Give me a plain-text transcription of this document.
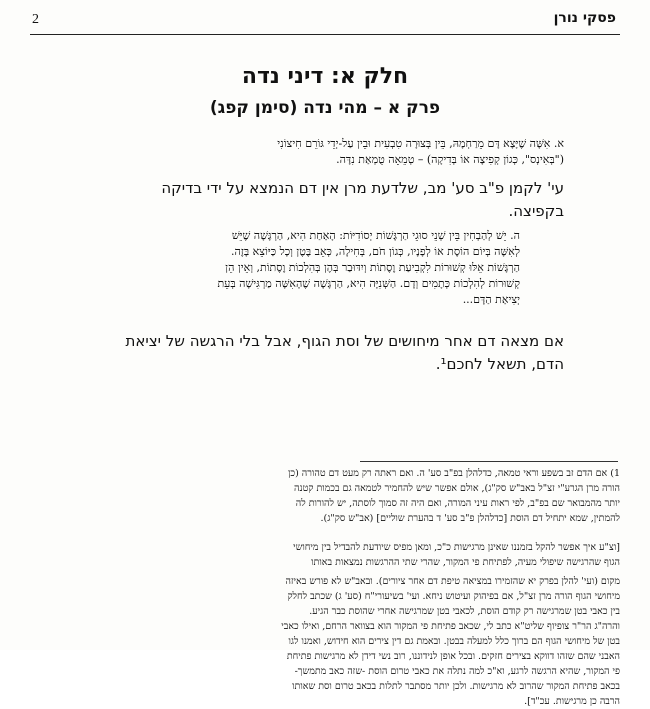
2	פסקי נורן
חלק א: דיני נדה
פרק א – מהי נדה (סימן קפג)
א. אִשָּׁה שֶׁיָּצָא דָּם מֵרַחְמָהּ, בֵּין בְּצוּרָה טִבְעִית וּבֵין עַל-יְדֵי גּוֹרֵם חִיצוֹנִי
("בְּאִינְס", כְּגוֹן קְפִיצָה אוֹ בְּדִיקָה) – טְמֵאָה טֻמְאַת נִדָּה.
עי' לקמן פ"ב סע' מב, שלדעת מרן אין דם הנמצא על ידי בדיקה
בקפיצה.
ה. יֵשׁ לְהַבְחִין בֵּין שְׁנֵי סוּגֵי הַרְגָּשׁוֹת יְסוֹדִיּוֹת: הָאַחַת הִיא, הַרְגָּשָׁה שֶׁיֵּשׁ
לְאִשָּׁה בְּיוֹם הוֹסֶת אוֹ לְפָנָיו, כְּגוֹן חֹם, בְּחִילָה, כְּאֵב בֶּטֶן וְכָל כַּיּוֹצֵא בָּזֶה.
הַרְגָּשׁוֹת אֵלּוּ קְשׁוּרוֹת לִקְבִיעַת וֶסֶתוֹת וְיִדּוּבַר בְּהֶן בְּהִלְכוֹת וֶסֶתוֹת, וְאֵין הֵן
קְשׁוּרוֹת לְהִלְכוֹת כְּתָמִים וְדָם. הַשְּׁנִיָּה הִיא, הַרְגָּשָׁה שֶׁהָאִשָּׁה מַרְגִּישָׁה בְּעֵת
יְצִיאַת הַדָּם...
אם מצאה דם אחר מיחושים של וסת הגוף, אבל בלי הרגשה של יציאת
הדם, תשאל לחכם¹.
1) אם הדם זב בשפע וראי טמאה, כדלהלן בפ"ב סע' ה. ואם ראתה רק מעט דם טהורה (כן
הורה מרן הגרע"י זצ"ל באב"ש סק"ג), אולם אפשר שיש להחמיר לטמאה גם בכמות קטנה
יותר מהמבואר שם בפ"ב, לפי ראות עיני המורה, ואם היה זה סמוך לוסתה, יש להורות לה
להמתין, שמא יתחיל דם הוסת [כדלהלן פ"ב סע' ד בהערת שוליים] (אב"ש סק"ג).
[וצ"ע איך אפשר להקל בזמננו שאינן מרגישות כ"כ, ומאן מפיס שיודעת להבדיל בין מיחושי
הגוף שהרגישה שיפולי מעיה, לפתיחת פי המקור, שהרי שתי ההרגשות נמצאות באותו
מקום (ועי' להלן בפרק יא שהזמירו במציאה טיפת דם אחר ציורים). ובאב"ש לא פורש באיזה
מיחושי הגוף הורה מרן זצ"ל, אם בפיהוק ועיטוש ניחא. ועי' בשיעורי"ח (סע' ג) שכתב לחלק
בין כאבי בטן שמרגישה רק קודם הוסת, לכאבי בטן שמרגישה אחרי שהוסת כבר הגיע.
והרה"ג הר"ר צופיוף שליט"א כתב לי, שכאב פתיחת פי המקור הוא בצוואר הרחם, ואילו כאבי
בטן של מיחושי הגוף הם ברוך כלל למעלה בבטן. ובאמת גם דין צירים הוא חידוש, ואמנו לגו
האבני שהם שזהו דווקא בצירים חזקים. ובכל אופן לנידוננו, רוב נשי דידן לא מרגישות פתיחת
פי המקור, שהיא הרגשה לרגע, וא"כ למה נתלה את כאבי טרום הוסת -שזה כאב מתמשך-
בכאב פתיחת המקור שהרוב לא מרגישות. ולכן יותר מסתבר לתלות בכאב טרום וסת שאותו
הרבה כן מרגישות. עכ"ד].
